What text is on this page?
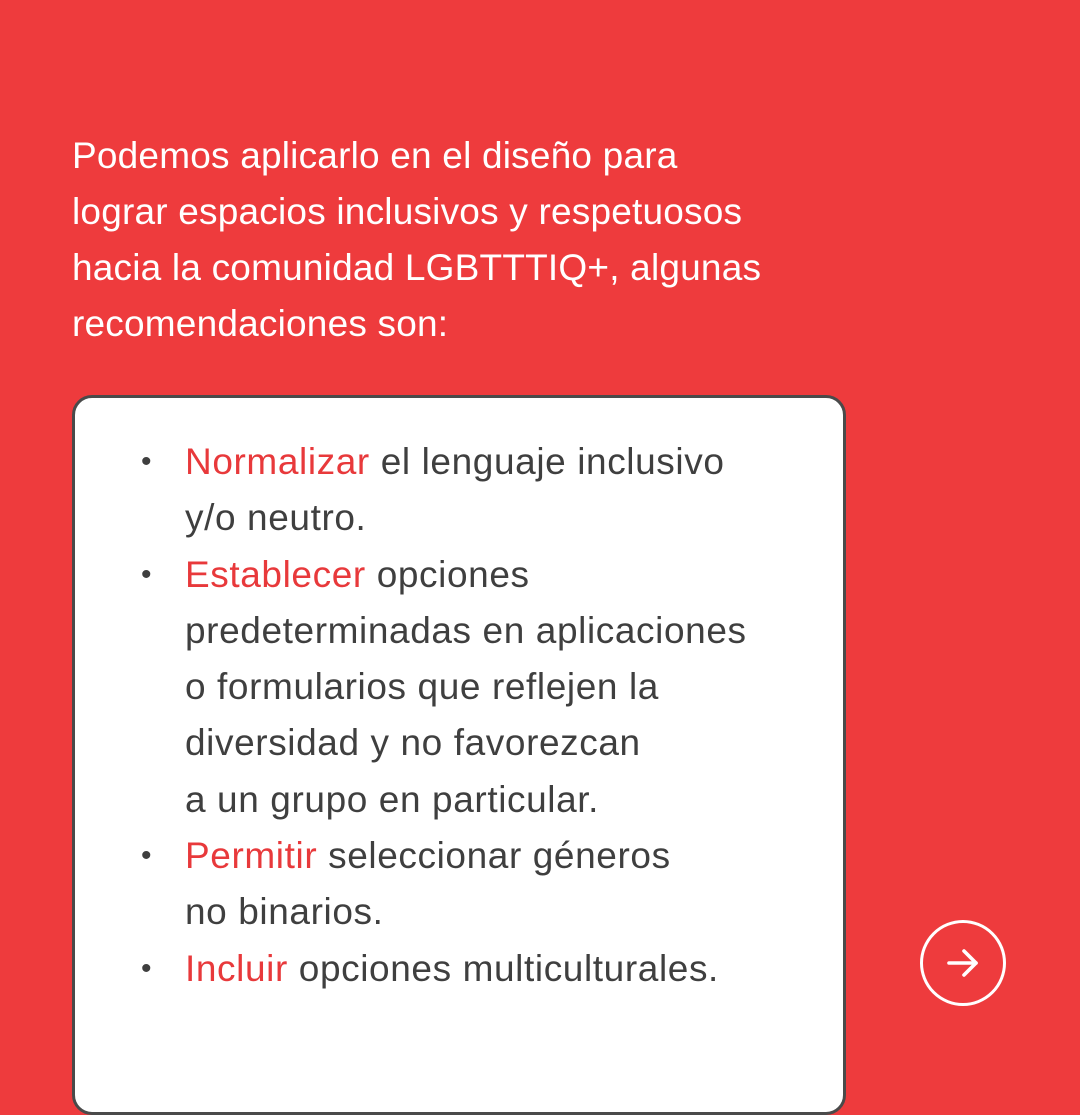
Podemos aplicarlo en el diseño para
lograr espacios inclusivos y respetuosos
hacia la comunidad LGBTTTIQ+, algunas
recomendaciones son:
• Normalizar el lenguaje inclusivo
y/o neutro.
• Establecer opciones
predeterminadas en aplicaciones
o formularios que reflejen la
diversidad y no favorezcan
a un grupo en particular.
• Permitir seleccionar géneros
no binarios.
• Incluir opciones multiculturales.
